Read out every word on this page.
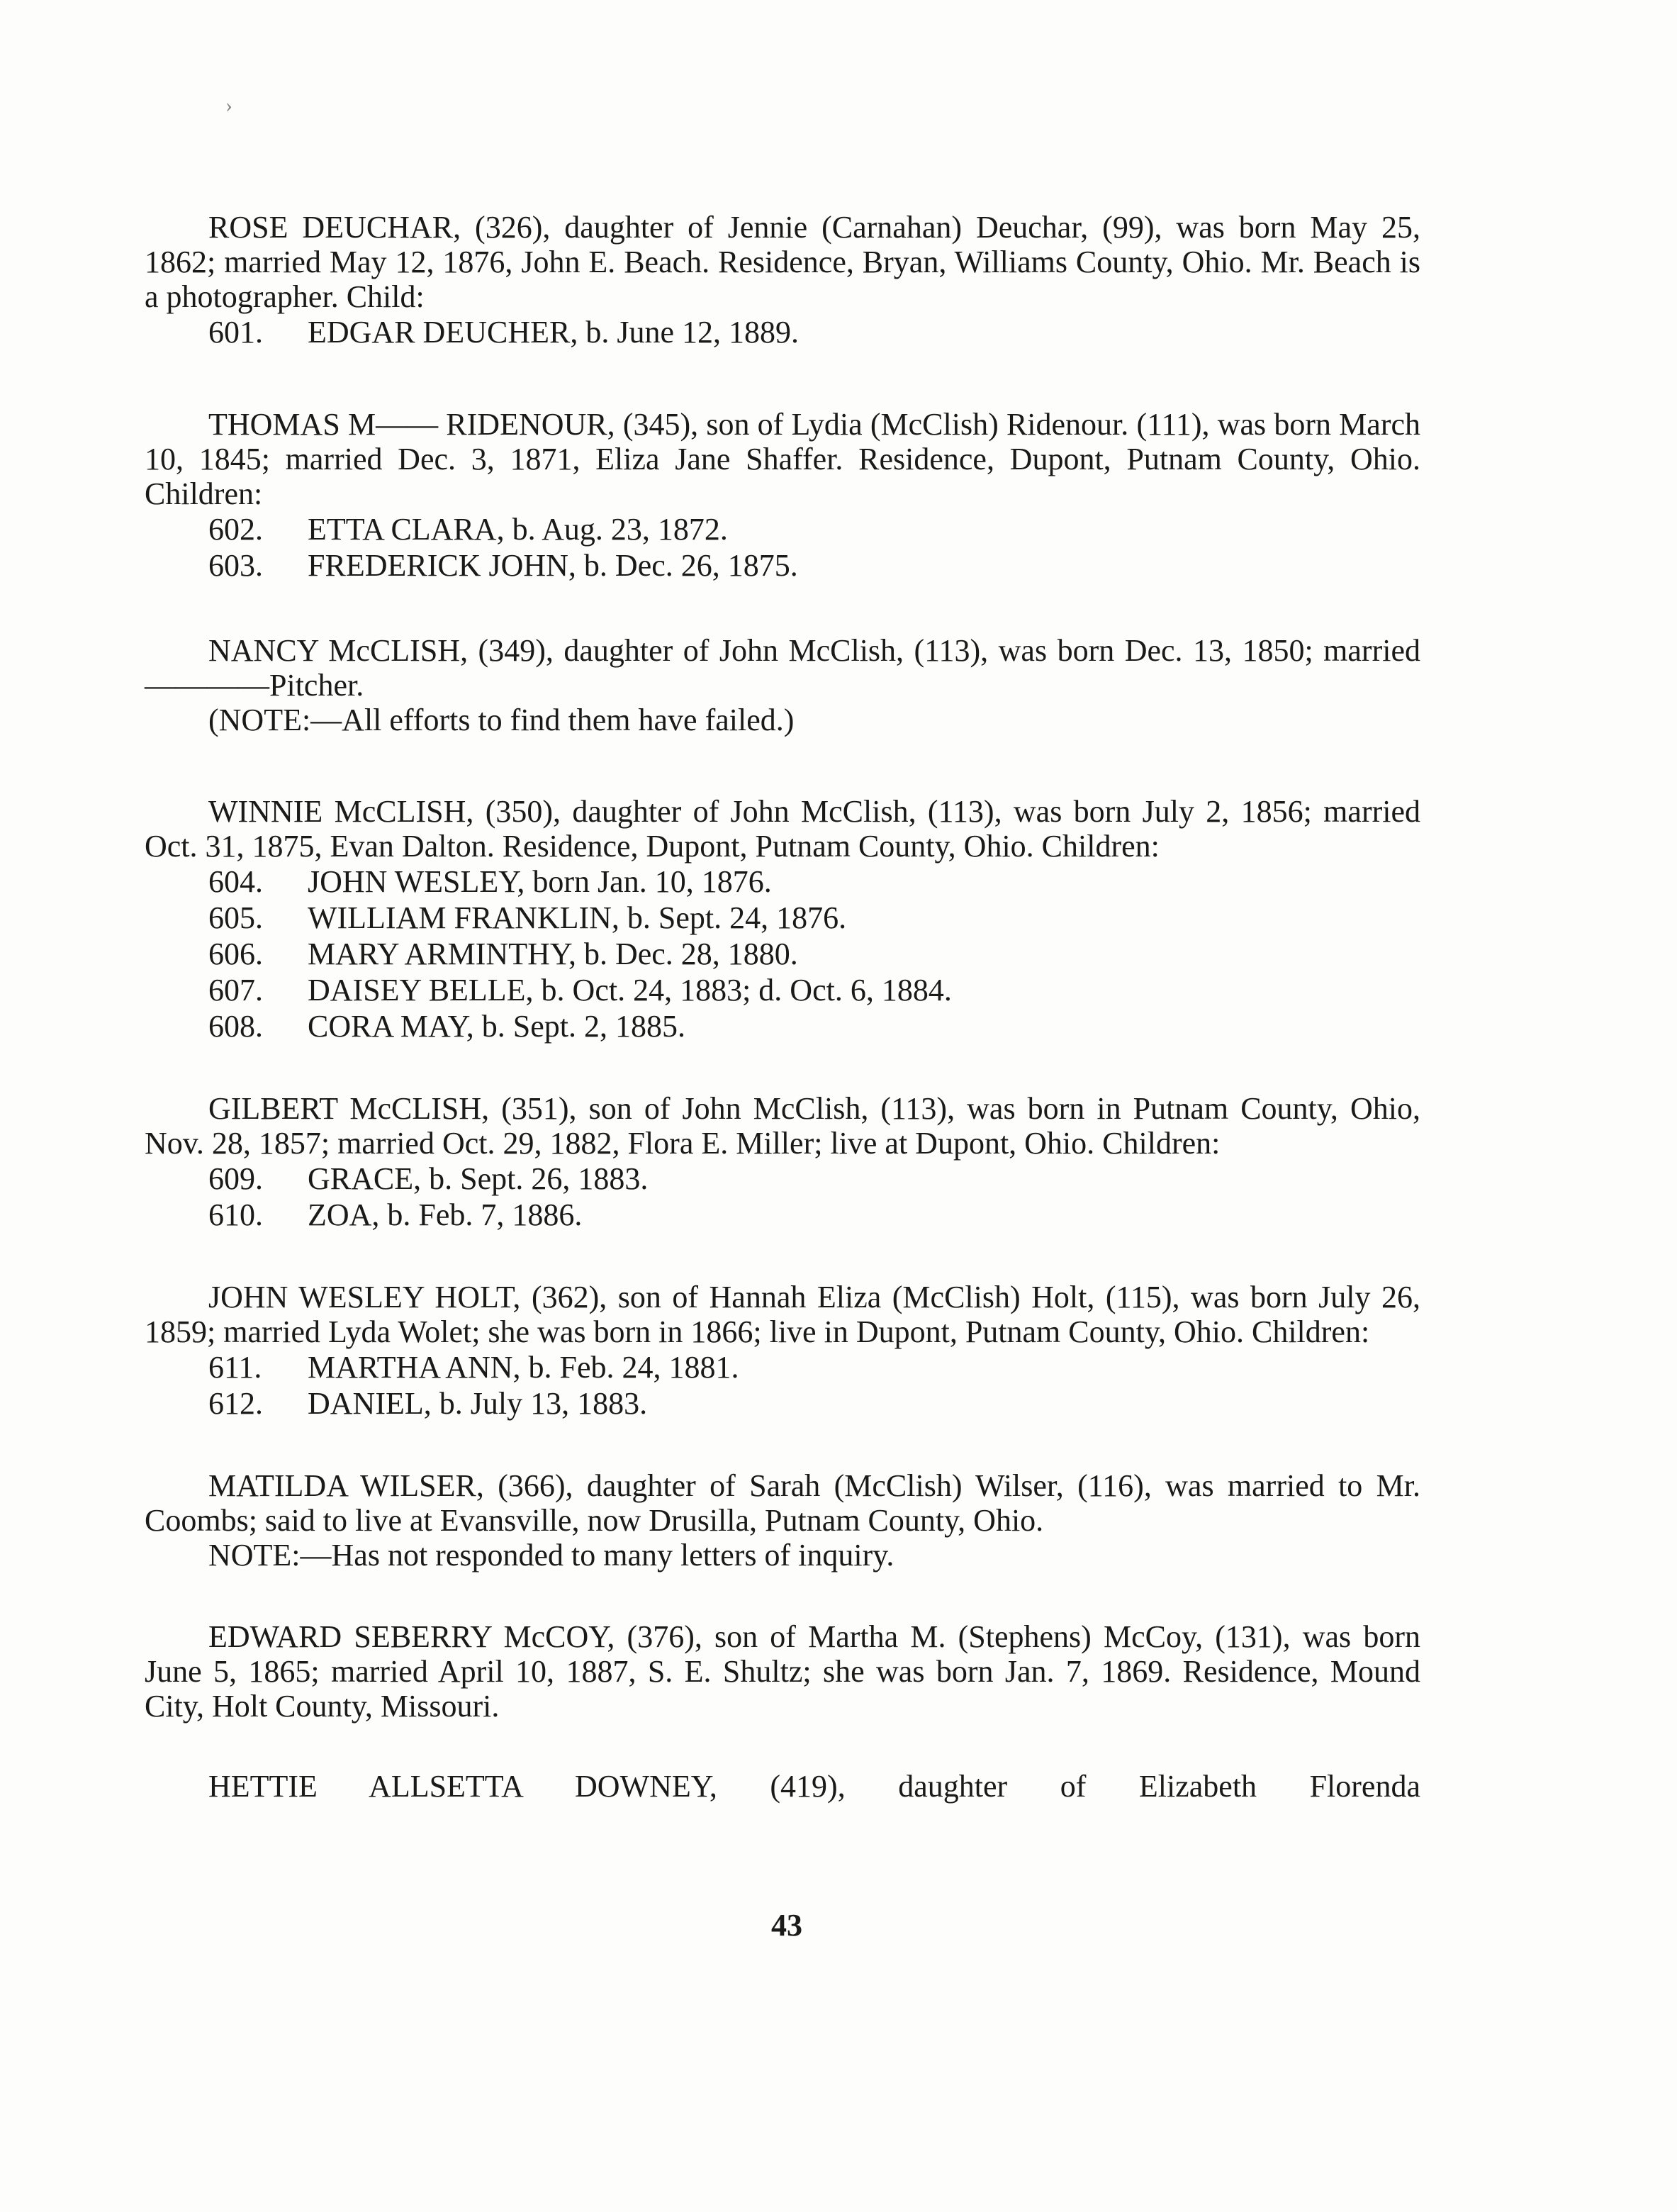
›

ROSE DEUCHAR, (326), daughter of Jennie (Carnahan) Deuchar, (99), was born May 25, 1862; married May 12, 1876, John E. Beach. Residence, Bryan, Williams County, Ohio. Mr. Beach is a photographer. Child:

601. EDGAR DEUCHER, b. June 12, 1889.

THOMAS M—— RIDENOUR, (345), son of Lydia (McClish) Ridenour. (111), was born March 10, 1845; married Dec. 3, 1871, Eliza Jane Shaffer. Residence, Dupont, Putnam County, Ohio. Children:

602. ETTA CLARA, b. Aug. 23, 1872.
603. FREDERICK JOHN, b. Dec. 26, 1875.

NANCY McCLISH, (349), daughter of John McClish, (113), was born Dec. 13, 1850; married————Pitcher.

(NOTE:—All efforts to find them have failed.)

WINNIE McCLISH, (350), daughter of John McClish, (113), was born July 2, 1856; married Oct. 31, 1875, Evan Dalton. Residence, Dupont, Putnam County, Ohio. Children:

604. JOHN WESLEY, born Jan. 10, 1876.
605. WILLIAM FRANKLIN, b. Sept. 24, 1876.
606. MARY ARMINTHY, b. Dec. 28, 1880.
607. DAISEY BELLE, b. Oct. 24, 1883; d. Oct. 6, 1884.
608. CORA MAY, b. Sept. 2, 1885.

GILBERT McCLISH, (351), son of John McClish, (113), was born in Putnam County, Ohio, Nov. 28, 1857; married Oct. 29, 1882, Flora E. Miller; live at Dupont, Ohio. Children:

609. GRACE, b. Sept. 26, 1883.
610. ZOA, b. Feb. 7, 1886.

JOHN WESLEY HOLT, (362), son of Hannah Eliza (McClish) Holt, (115), was born July 26, 1859; married Lyda Wolet; she was born in 1866; live in Dupont, Putnam County, Ohio. Children:

611. MARTHA ANN, b. Feb. 24, 1881.
612. DANIEL, b. July 13, 1883.

MATILDA WILSER, (366), daughter of Sarah (McClish) Wilser, (116), was married to Mr. Coombs; said to live at Evansville, now Drusilla, Putnam County, Ohio.

NOTE:—Has not responded to many letters of inquiry.

EDWARD SEBERRY McCOY, (376), son of Martha M. (Stephens) McCoy, (131), was born June 5, 1865; married April 10, 1887, S. E. Shultz; she was born Jan. 7, 1869. Residence, Mound City, Holt County, Missouri.

HETTIE ALLSETTA DOWNEY, (419), daughter of Elizabeth Florenda

43
